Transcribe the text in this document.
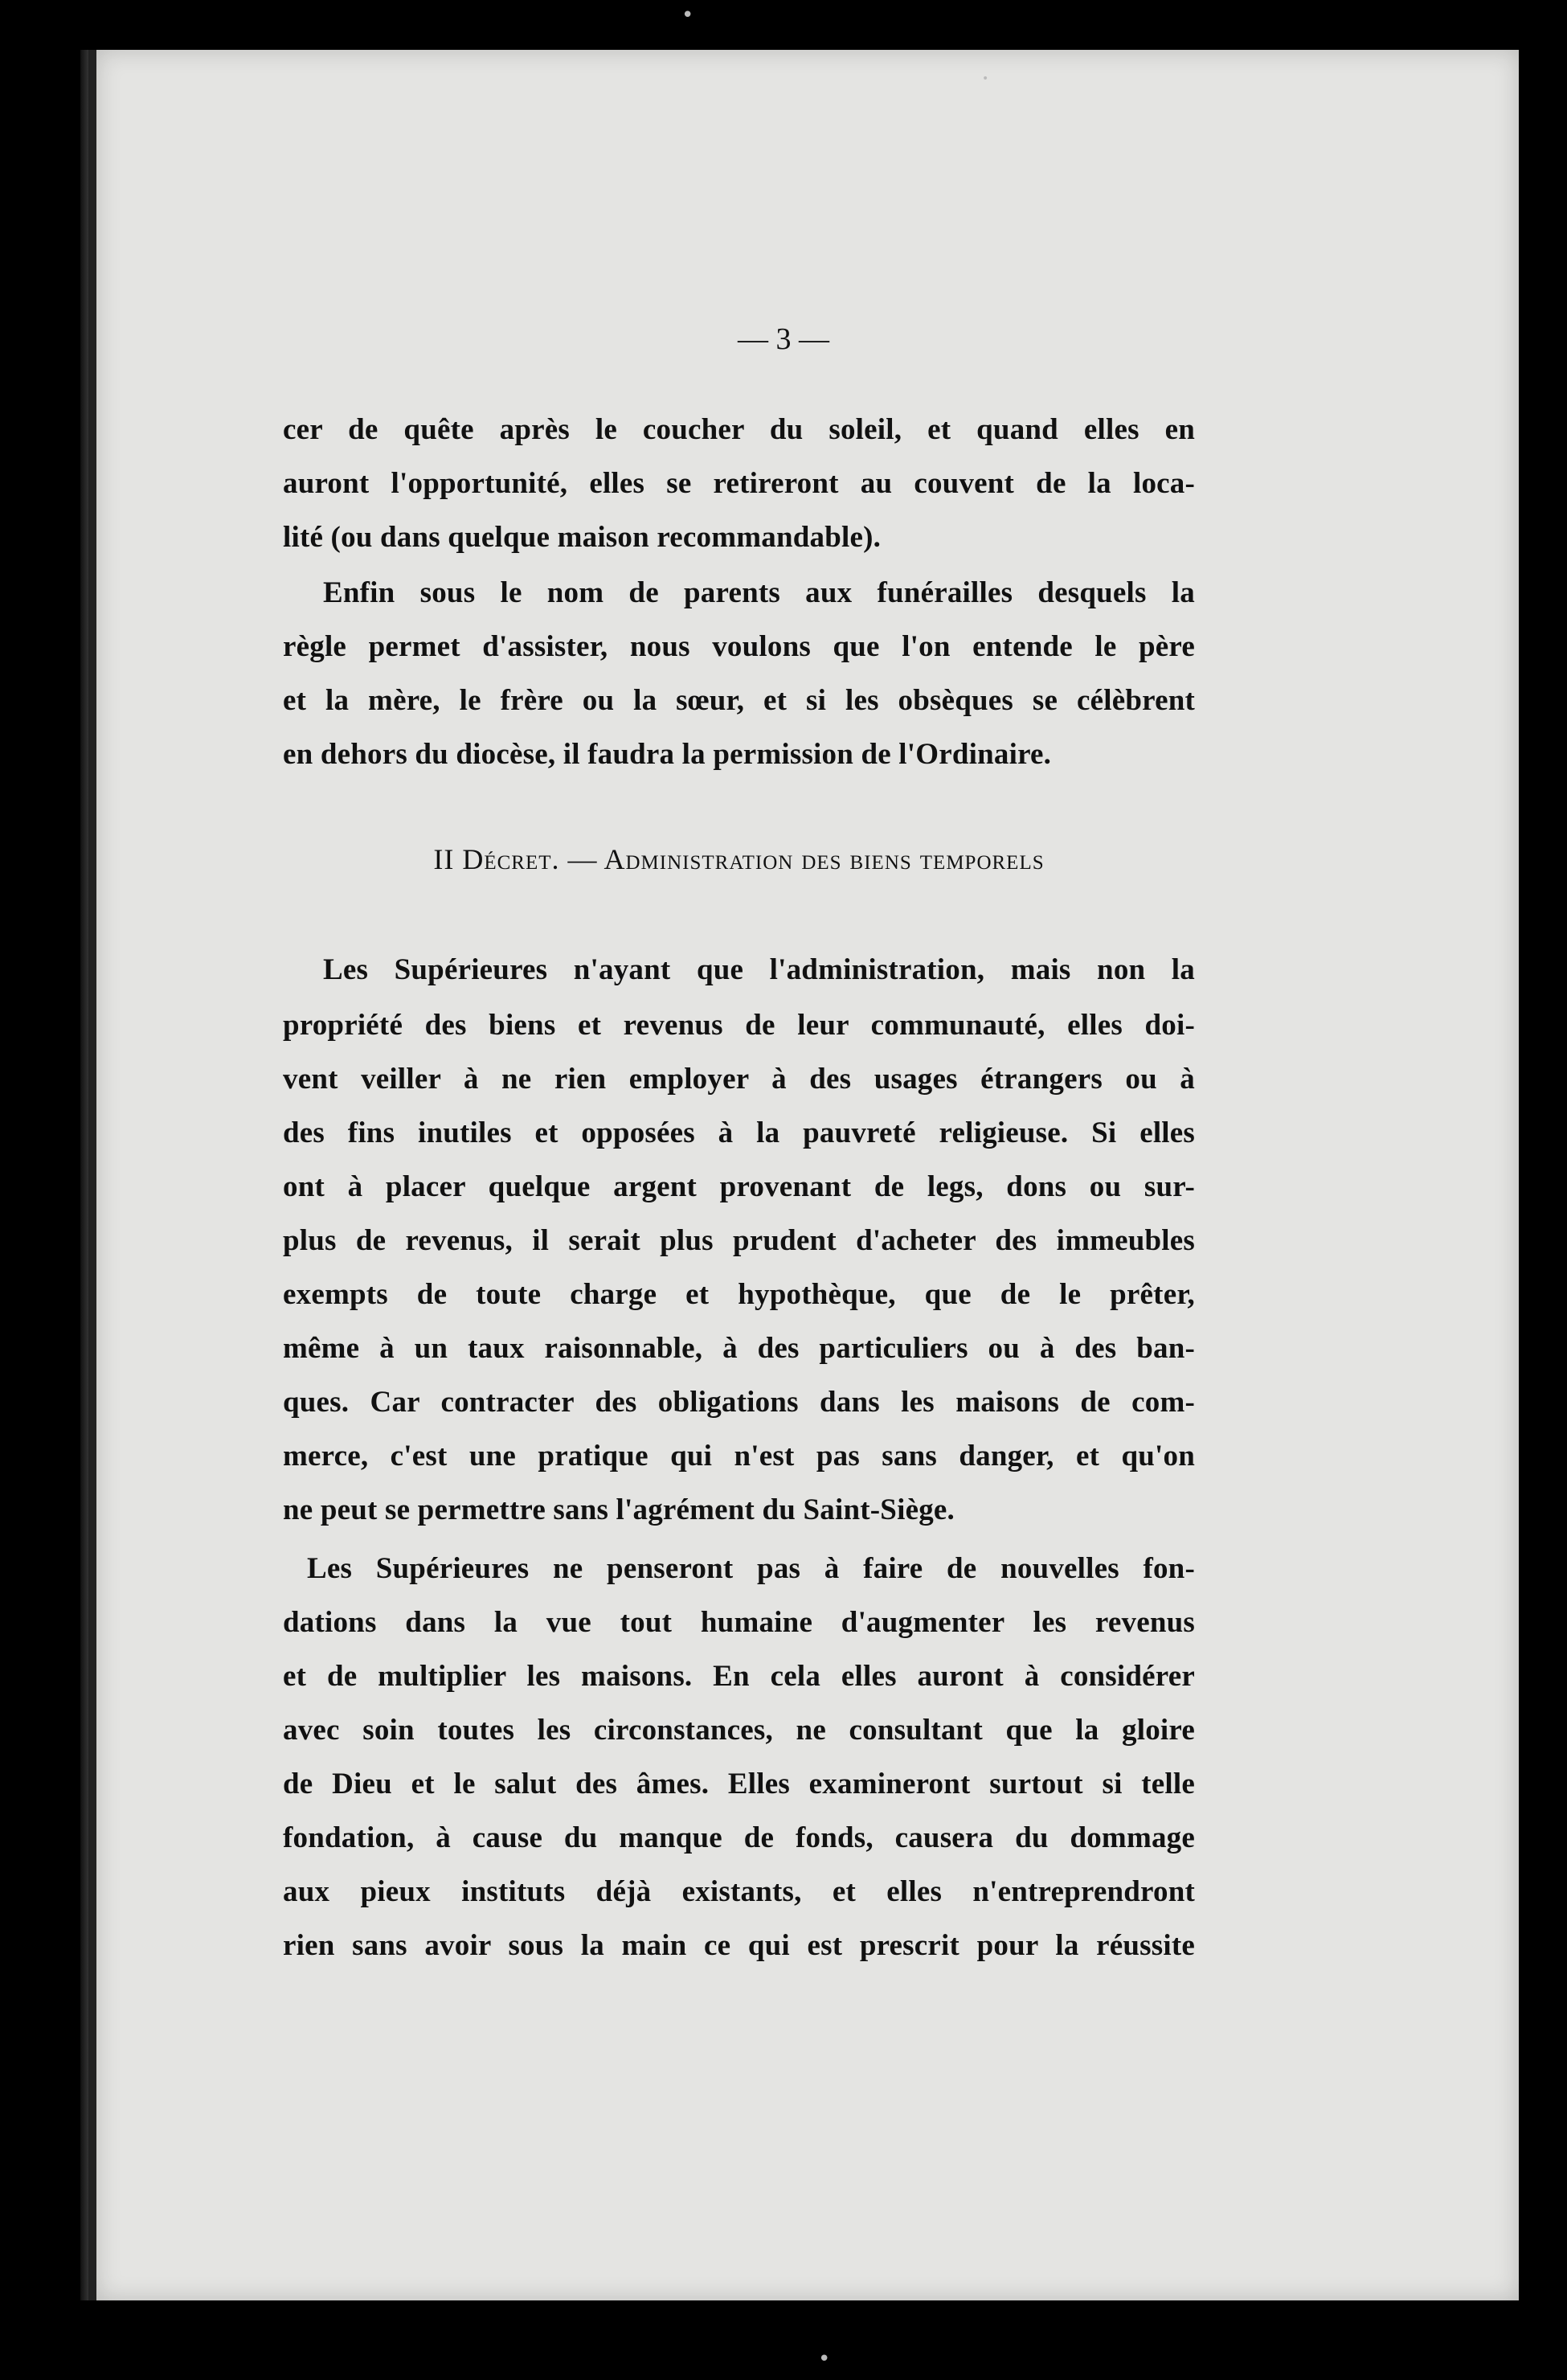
•
•
•
— 3 —
cer de quête après le coucher du soleil, et quand elles en
auront l'opportunité, elles se retireront au couvent de la loca-
lité (ou dans quelque maison recommandable).
Enfin sous le nom de parents aux funérailles desquels la
règle permet d'assister, nous voulons que l'on entende le père
et la mère, le frère ou la sœur, et si les obsèques se célèbrent
en dehors du diocèse, il faudra la permission de l'Ordinaire.
II Décret. — Administration des biens temporels
Les Supérieures n'ayant que l'administration, mais non la
propriété des biens et revenus de leur communauté, elles doi-
vent veiller à ne rien employer à des usages étrangers ou à
des fins inutiles et opposées à la pauvreté religieuse. Si elles
ont à placer quelque argent provenant de legs, dons ou sur-
plus de revenus, il serait plus prudent d'acheter des immeubles
exempts de toute charge et hypothèque, que de le prêter,
même à un taux raisonnable, à des particuliers ou à des ban-
ques. Car contracter des obligations dans les maisons de com-
merce, c'est une pratique qui n'est pas sans danger, et qu'on
ne peut se permettre sans l'agrément du Saint-Siège.
Les Supérieures ne penseront pas à faire de nouvelles fon-
dations dans la vue tout humaine d'augmenter les revenus
et de multiplier les maisons. En cela elles auront à considérer
avec soin toutes les circonstances, ne consultant que la gloire
de Dieu et le salut des âmes. Elles examineront surtout si telle
fondation, à cause du manque de fonds, causera du dommage
aux pieux instituts déjà existants, et elles n'entreprendront
rien sans avoir sous la main ce qui est prescrit pour la réussite
